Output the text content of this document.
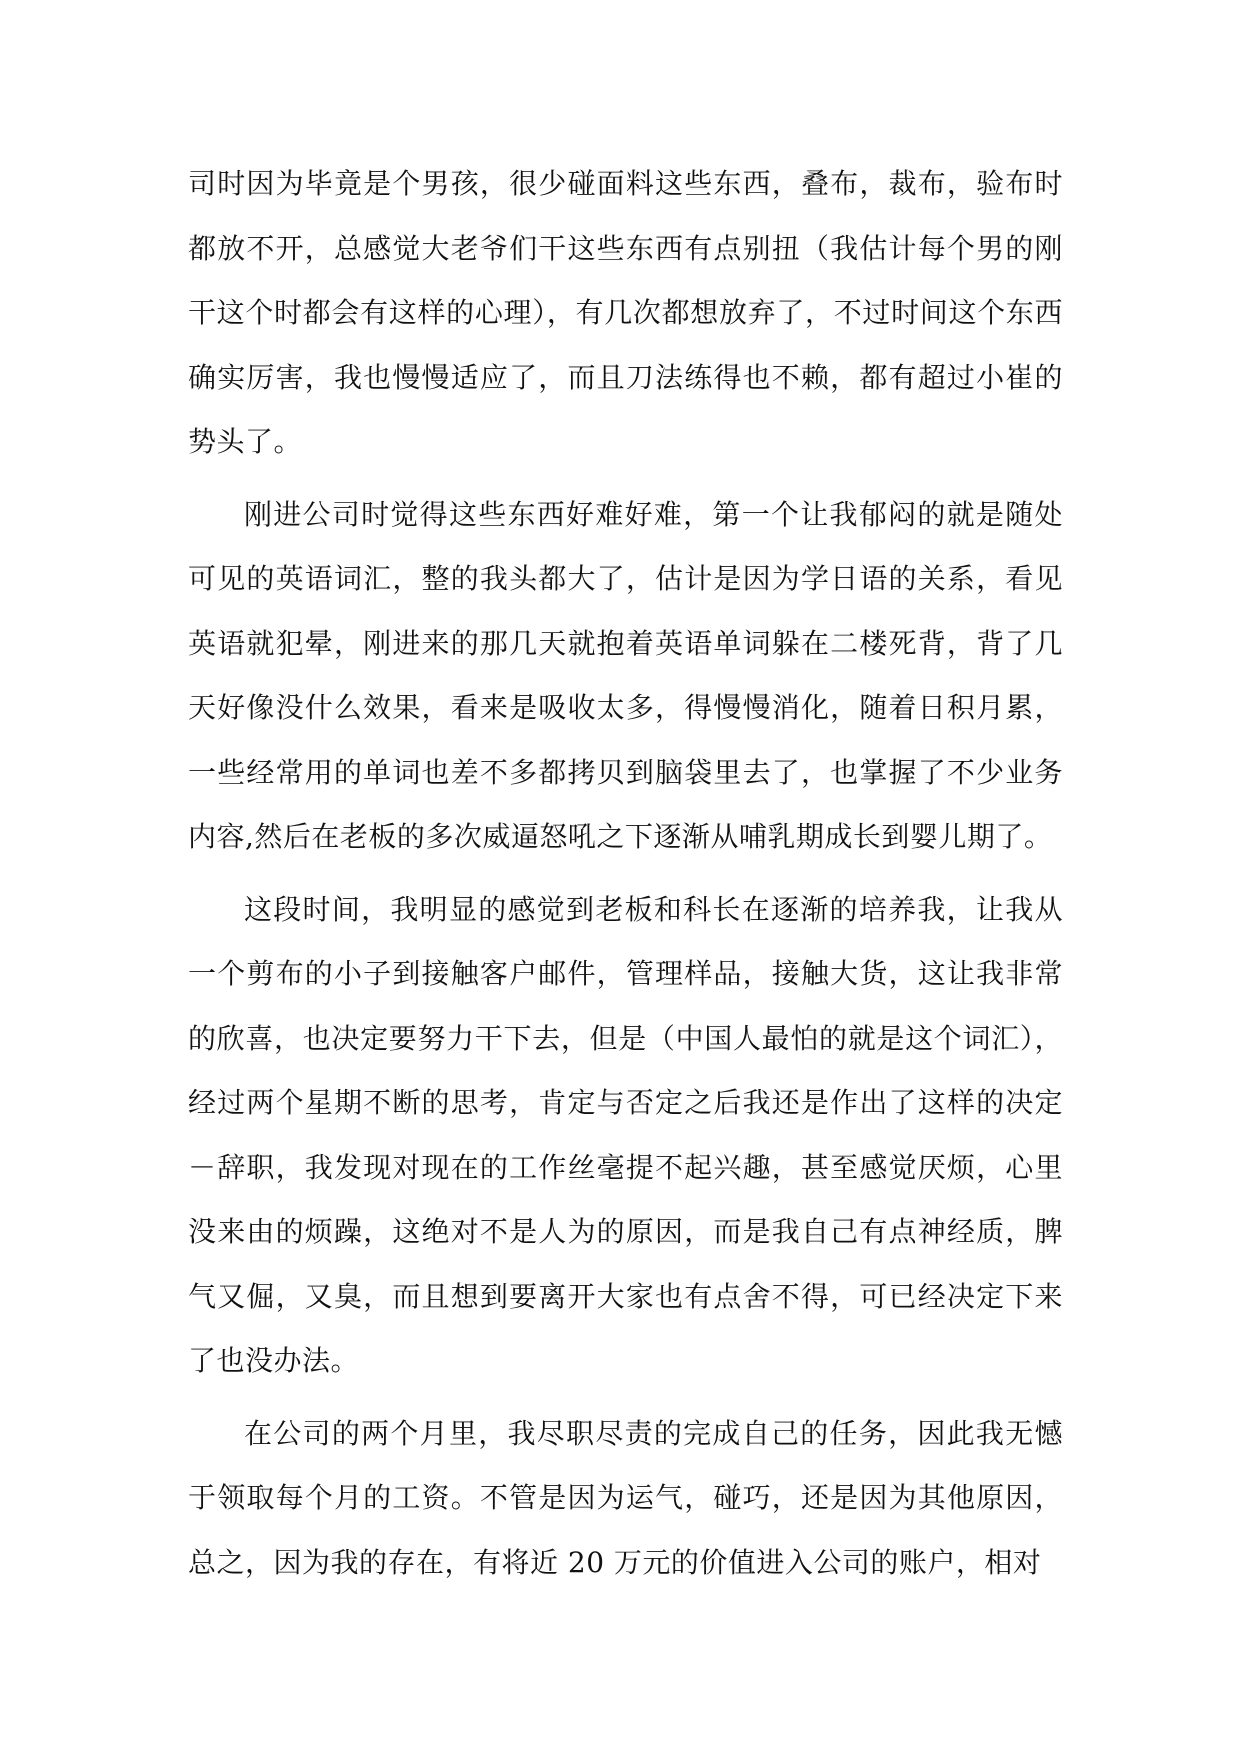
司时因为毕竟是个男孩，很少碰面料这些东西，叠布，裁布，验布时都放不开，总感觉大老爷们干这些东西有点别扭（我估计每个男的刚干这个时都会有这样的心理），有几次都想放弃了，不过时间这个东西确实厉害，我也慢慢适应了，而且刀法练得也不赖，都有超过小崔的势头了。

刚进公司时觉得这些东西好难好难，第一个让我郁闷的就是随处可见的英语词汇，整的我头都大了，估计是因为学日语的关系，看见英语就犯晕，刚进来的那几天就抱着英语单词躲在二楼死背，背了几天好像没什么效果，看来是吸收太多，得慢慢消化，随着日积月累，一些经常用的单词也差不多都拷贝到脑袋里去了，也掌握了不少业务内容,然后在老板的多次威逼怒吼之下逐渐从哺乳期成长到婴儿期了。

这段时间，我明显的感觉到老板和科长在逐渐的培养我，让我从一个剪布的小子到接触客户邮件，管理样品，接触大货，这让我非常的欣喜，也决定要努力干下去，但是（中国人最怕的就是这个词汇），经过两个星期不断的思考，肯定与否定之后我还是作出了这样的决定－辞职，我发现对现在的工作丝毫提不起兴趣，甚至感觉厌烦，心里没来由的烦躁，这绝对不是人为的原因，而是我自己有点神经质，脾气又倔，又臭，而且想到要离开大家也有点舍不得，可已经决定下来了也没办法。

在公司的两个月里，我尽职尽责的完成自己的任务，因此我无憾于领取每个月的工资。不管是因为运气，碰巧，还是因为其他原因，总之，因为我的存在，有将近 20 万元的价值进入公司的账户，相对
